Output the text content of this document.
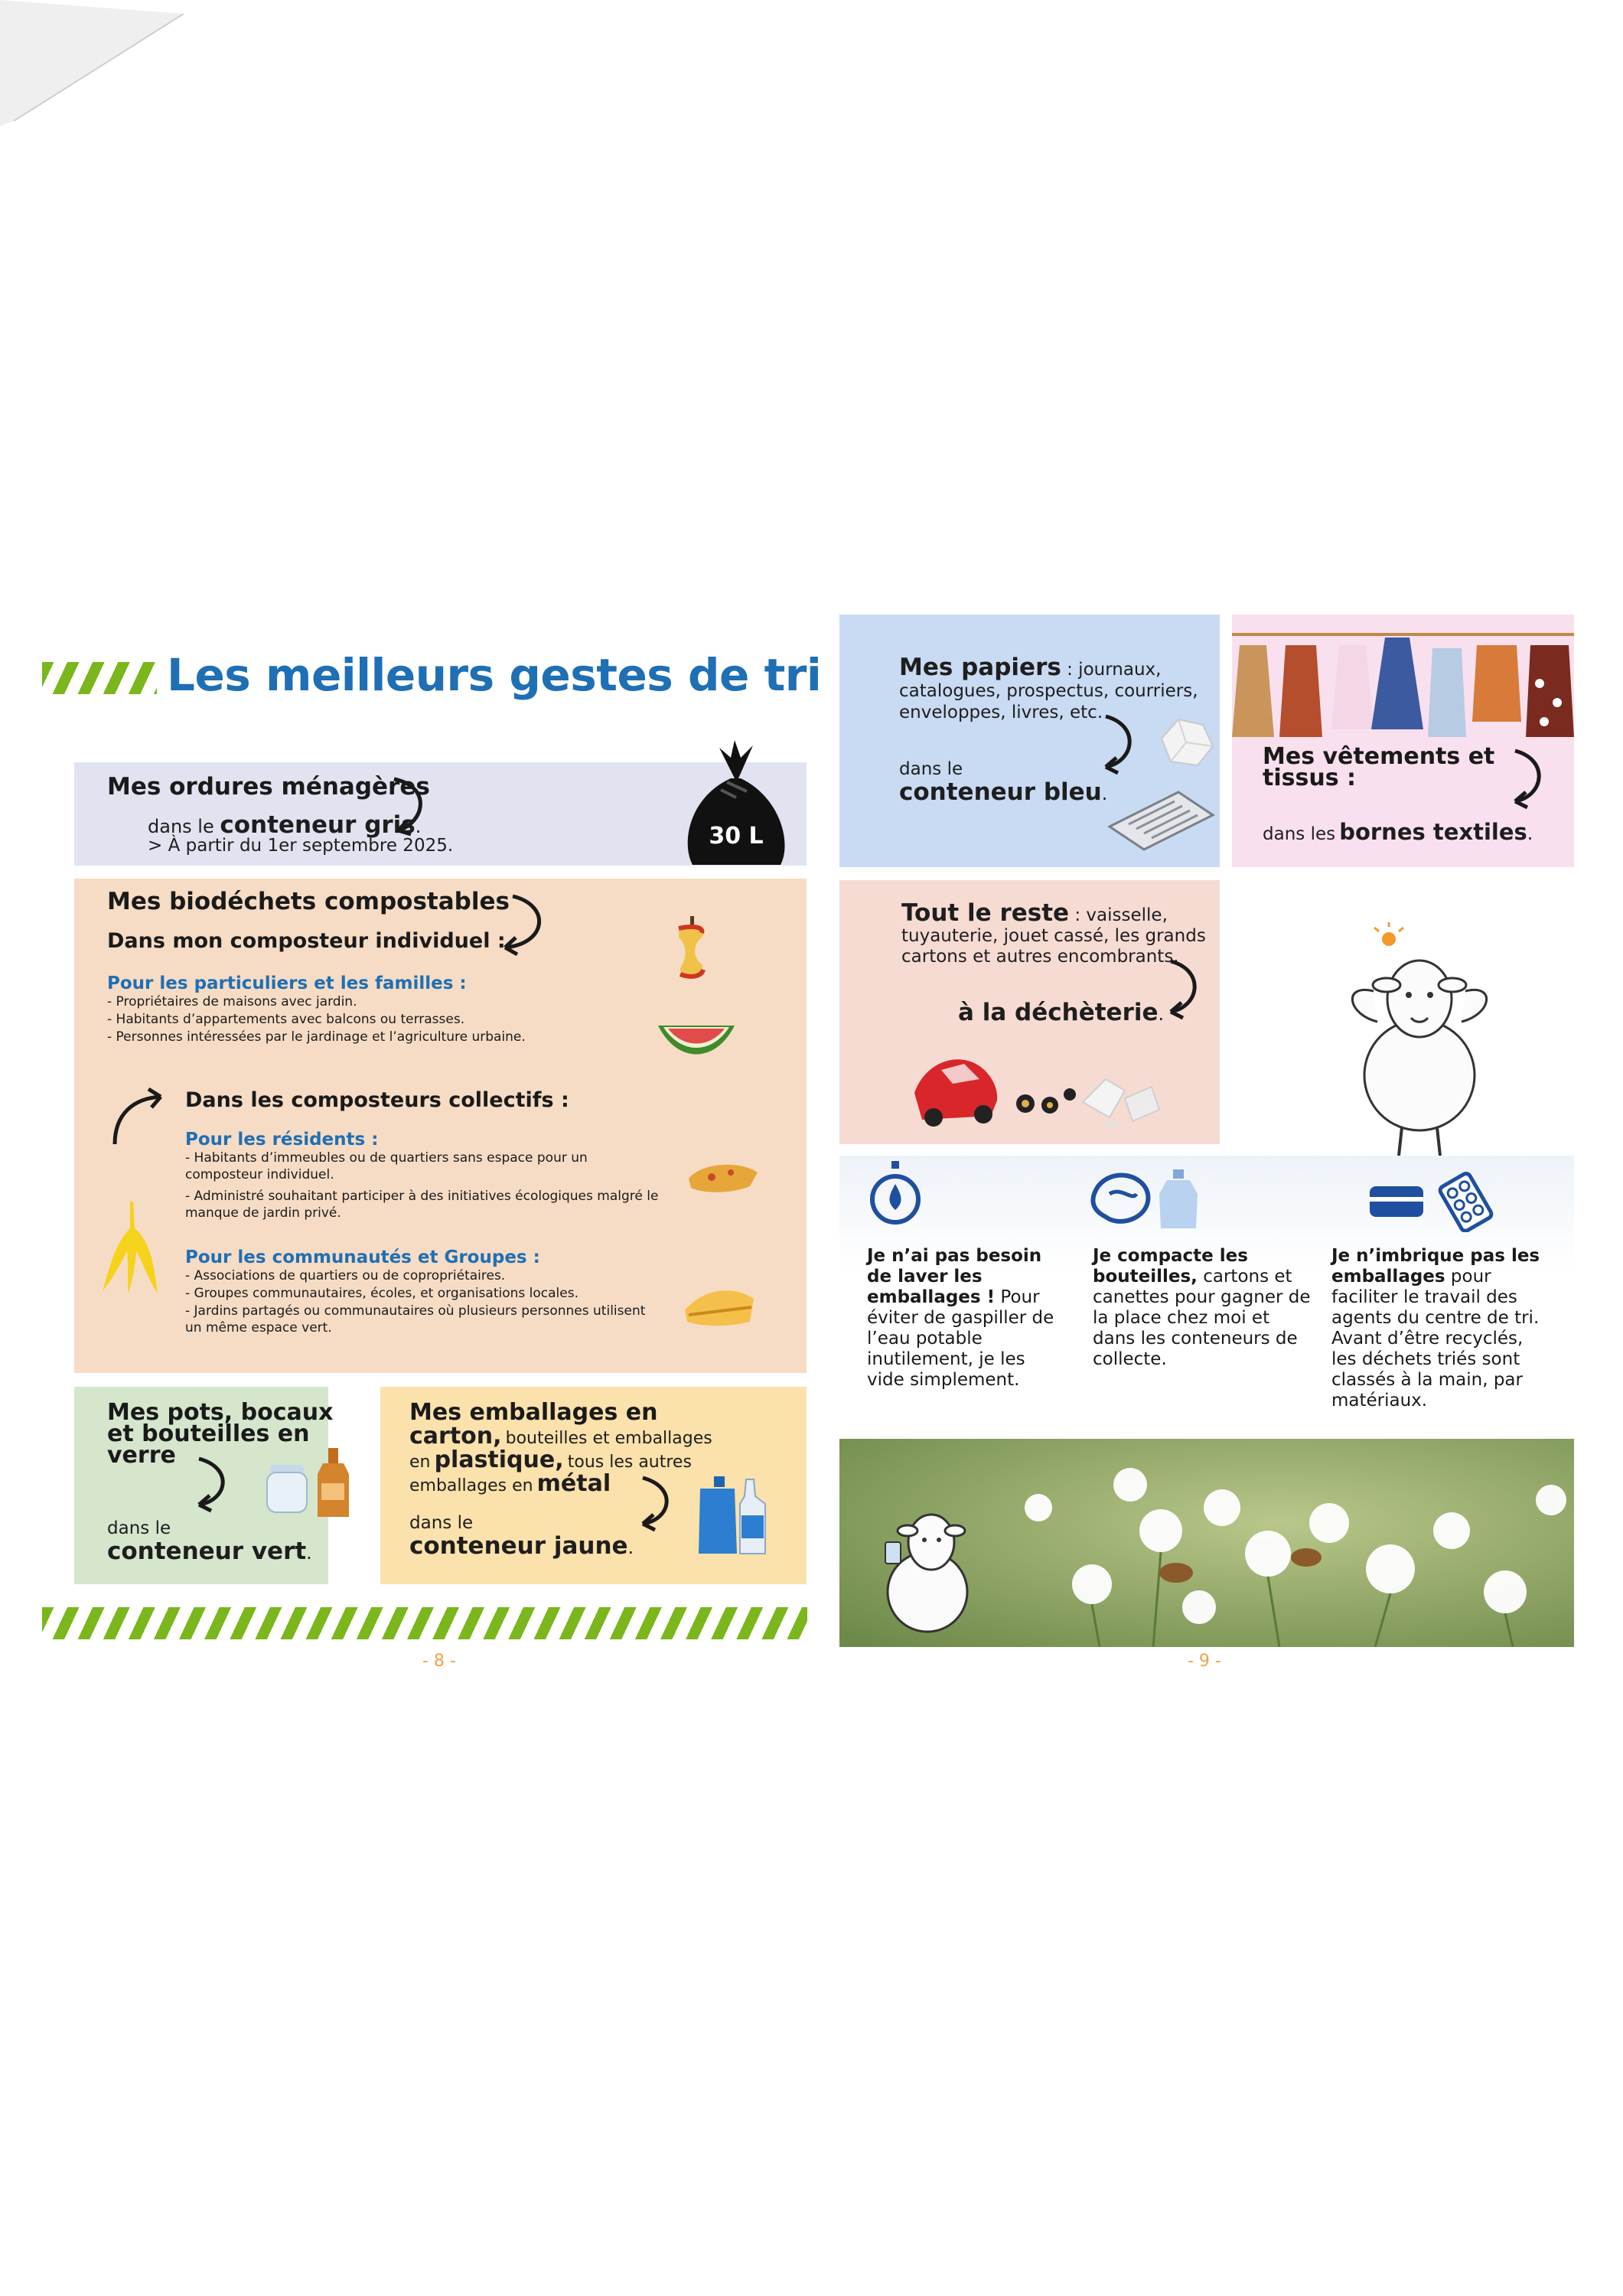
Les meilleurs gestes de tri
Mes ordures ménagères
dans le conteneur gris.
> À partir du 1er septembre 2025.	30 L
Mes biodéchets compostables
Dans mon composteur individuel :
Pour les particuliers et les familles :
- Propriétaires de maisons avec jardin.
- Habitants d’appartements avec balcons ou terrasses.
- Personnes intéressées par le jardinage et l’agriculture urbaine.
Dans les composteurs collectifs :
Pour les résidents :
- Habitants d’immeubles ou de quartiers sans espace pour un composteur individuel.
- Administré souhaitant participer à des initiatives écologiques malgré le manque de jardin privé.
Pour les communautés et Groupes :
- Associations de quartiers ou de copropriétaires.
- Groupes communautaires, écoles, et organisations locales.
- Jardins partagés ou communautaires où plusieurs personnes utilisent un même espace vert.
Mes pots, bocaux et bouteilles en verre
dans le
conteneur vert.
Mes emballages en
carton, bouteilles et emballages en plastique, tous les autres emballages en métal
dans le
conteneur jaune.
- 8 -
Mes papiers : journaux, catalogues, prospectus, courriers, enveloppes, livres, etc.
dans le
conteneur bleu.
Mes vêtements et tissus :
dans les bornes textiles.
Tout le reste : vaisselle, tuyauterie, jouet cassé, les grands cartons et autres encombrants.
à la déchèterie.
Je n’ai pas besoin de laver les emballages ! Pour éviter de gaspiller de l’eau potable inutilement, je les vide simplement.
Je compacte les bouteilles, cartons et canettes pour gagner de la place chez moi et dans les conteneurs de collecte.
Je n’imbrique pas les emballages pour faciliter le travail des agents du centre de tri. Avant d’être recyclés, les déchets triés sont classés à la main, par matériaux.
- 9 -
